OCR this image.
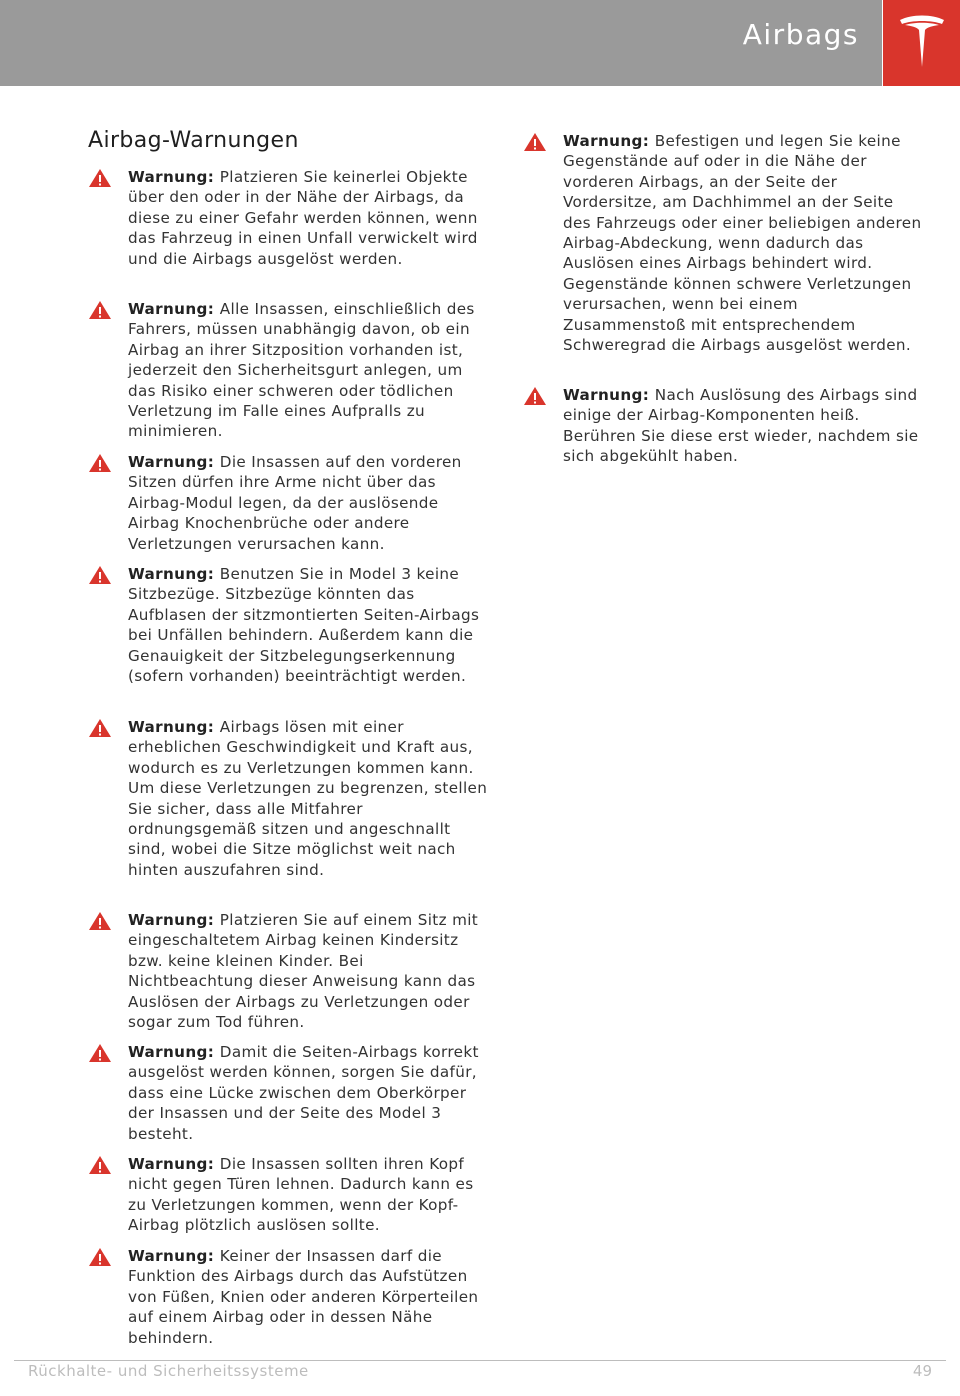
Airbags
Airbag-Warnungen
Warnung: Platzieren Sie keinerlei Objekte über den oder in der Nähe der Airbags, da diese zu einer Gefahr werden können, wenn das Fahrzeug in einen Unfall verwickelt wird und die Airbags ausgelöst werden.
Warnung: Alle Insassen, einschließlich des Fahrers, müssen unabhängig davon, ob ein Airbag an ihrer Sitzposition vorhanden ist, jederzeit den Sicherheitsgurt anlegen, um das Risiko einer schweren oder tödlichen Verletzung im Falle eines Aufpralls zu minimieren.
Warnung: Die Insassen auf den vorderen Sitzen dürfen ihre Arme nicht über das Airbag-Modul legen, da der auslösende Airbag Knochenbrüche oder andere Verletzungen verursachen kann.
Warnung: Benutzen Sie in Model 3 keine Sitzbezüge. Sitzbezüge könnten das Aufblasen der sitzmontierten Seiten-Airbags bei Unfällen behindern. Außerdem kann die Genauigkeit der Sitzbelegungserkennung (sofern vorhanden) beeinträchtigt werden.
Warnung: Airbags lösen mit einer erheblichen Geschwindigkeit und Kraft aus, wodurch es zu Verletzungen kommen kann. Um diese Verletzungen zu begrenzen, stellen Sie sicher, dass alle Mitfahrer ordnungsgemäß sitzen und angeschnallt sind, wobei die Sitze möglichst weit nach hinten auszufahren sind.
Warnung: Platzieren Sie auf einem Sitz mit eingeschaltetem Airbag keinen Kindersitz bzw. keine kleinen Kinder. Bei Nichtbeachtung dieser Anweisung kann das Auslösen der Airbags zu Verletzungen oder sogar zum Tod führen.
Warnung: Damit die Seiten-Airbags korrekt ausgelöst werden können, sorgen Sie dafür, dass eine Lücke zwischen dem Oberkörper der Insassen und der Seite des Model 3 besteht.
Warnung: Die Insassen sollten ihren Kopf nicht gegen Türen lehnen. Dadurch kann es zu Verletzungen kommen, wenn der Kopf-Airbag plötzlich auslösen sollte.
Warnung: Keiner der Insassen darf die Funktion des Airbags durch das Aufstützen von Füßen, Knien oder anderen Körperteilen auf einem Airbag oder in dessen Nähe behindern.
Warnung: Befestigen und legen Sie keine Gegenstände auf oder in die Nähe der vorderen Airbags, an der Seite der Vordersitze, am Dachhimmel an der Seite des Fahrzeugs oder einer beliebigen anderen Airbag-Abdeckung, wenn dadurch das Auslösen eines Airbags behindert wird. Gegenstände können schwere Verletzungen verursachen, wenn bei einem Zusammenstoß mit entsprechendem Schweregrad die Airbags ausgelöst werden.
Warnung: Nach Auslösung des Airbags sind einige der Airbag-Komponenten heiß. Berühren Sie diese erst wieder, nachdem sie sich abgekühlt haben.
Rückhalte- und Sicherheitssysteme	49
